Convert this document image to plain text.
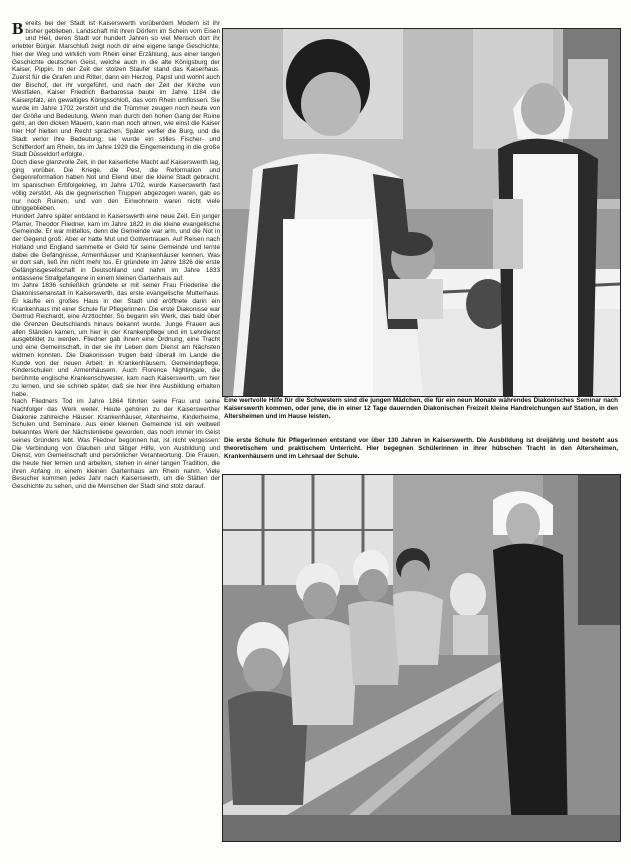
B ereits bei der Stadt ist Kaiserswerth vorüberdem Modern ist ihr bisher geblieben. Landschaft mit ihren Dörfern im Schein vom Eisen und Heil, deren Stadt vor hundert Jahren so viel Mensch dort ihr erlebter Bürger. Marschluß zeigt noch dir eine eigene lange Geschichte, hier der Weg und wirklich vom Rhein einer Erzählung, aus einer langen Geschichte deutschen Geist, welche auch in die alte Königsburg der Kaiser, Pippin. In der Zeit der stolzen Staufer stand das Kaiserhaus. Zuerst für die Grafen und Ritter, dann ein Herzog, Papst und wohnt auch der Bischof, der ihr vorgeführt, und nach der Zeit der Kirche von Westfalen, Kaiser Friedrich Barbarossa baute im Jahre 1184 die Kaiserpfalz, ein gewaltiges Königsschloß, das vom Rhein umflossen. Sie wurde im Jahre 1702 zerstört und die Trümmer zeugen noch heute von der Größe und Bedeutung. Wenn man durch den hohen Gang der Ruine geht, an den dicken Mauern, kann man noch ahnen, wie einst die Kaiser hier Hof hielten und Recht sprachen. Später verfiel die Burg, und die Stadt verlor ihre Bedeutung; sie wurde ein stilles Fischer- und Schifferdorf am Rhein, bis im Jahre 1929 die Eingemeindung in die große Stadt Düsseldorf erfolgte.

Doch diese glanzvolle Zeit, in der kaiserliche Macht auf Kaiserswerth lag, ging vorüber. Die Kriege, die Pest, die Reformation und Gegenreformation haben Not und Elend über die kleine Stadt gebracht. Im spanischen Erbfolgekrieg, im Jahre 1702, wurde Kaiserswerth fast völlig zerstört. Als die gegnerischen Truppen abgezogen waren, gab es nur noch Ruinen, und von den Einwohnern waren nicht viele übriggeblieben.

Hundert Jahre später entstand in Kaiserswerth eine neue Zeit. Ein junger Pfarrer, Theodor Fliedner, kam im Jahre 1822 in die kleine evangelische Gemeinde. Er war mittellos, denn die Gemeinde war arm, und die Not in der Gegend groß. Aber er hatte Mut und Gottvertrauen. Auf Reisen nach Holland und England sammelte er Geld für seine Gemeinde und lernte dabei die Gefängnisse, Armenhäuser und Krankenhäuser kennen. Was er dort sah, ließ ihn nicht mehr los. Er gründete im Jahre 1826 die erste Gefängnisgesellschaft in Deutschland und nahm im Jahre 1833 entlassene Strafgefangene in einem kleinen Gartenhaus auf.

Im Jahre 1836 schließlich gründete er mit seiner Frau Friederike die Diakonissenanstalt in Kaiserswerth, das erste evangelische Mutterhaus. Er kaufte ein großes Haus in der Stadt und eröffnete darin ein Krankenhaus mit einer Schule für Pflegerinnen. Die erste Diakonisse war Gertrud Reichardt, eine Arzttochter. So begann ein Werk, das bald über die Grenzen Deutschlands hinaus bekannt wurde. Junge Frauen aus allen Ständen kamen, um hier in der Krankenpflege und im Lehrdienst ausgebildet zu werden. Fliedner gab ihnen eine Ordnung, eine Tracht und eine Gemeinschaft, in der sie ihr Leben dem Dienst am Nächsten widmen konnten. Die Diakonissen trugen bald überall im Lande die Kunde von der neuen Arbeit: in Krankenhäusern, Gemeindepflege, Kinderschulen und Armenhäusern. Auch Florence Nightingale, die berühmte englische Krankenschwester, kam nach Kaiserswerth, um hier zu lernen, und sie schrieb später, daß sie hier ihre Ausbildung erhalten habe.

Nach Fliedners Tod im Jahre 1864 führten seine Frau und seine Nachfolger das Werk weiter. Heute gehören zu der Kaiserswerther Diakonie zahlreiche Häuser: Krankenhäuser, Altenheime, Kinderheime, Schulen und Seminare. Aus einer kleinen Gemeinde ist ein weltweit bekanntes Werk der Nächstenliebe geworden, das noch immer im Geist seines Gründers lebt. Was Fliedner begonnen hat, ist nicht vergessen: Die Verbindung von Glauben und tätiger Hilfe, von Ausbildung und Dienst, von Gemeinschaft und persönlicher Verantwortung. Die Frauen, die heute hier lernen und arbeiten, stehen in einer langen Tradition, die ihren Anfang in einem kleinen Gartenhaus am Rhein nahm. Viele Besucher kommen jedes Jahr nach Kaiserswerth, um die Stätten der Geschichte zu sehen, und die Menschen der Stadt sind stolz darauf.

Eine wertvolle Hilfe für die Schwestern sind die jungen Mädchen, die für ein neun Monate währendes Diakonisches Seminar nach Kaiserswerth kommen, oder jene, die in einer 12 Tage dauernden Diakonischen Freizeit kleine Handreichungen auf Station, in den Altersheimen und im Hause leisten.
Die erste Schule für Pflegerinnen entstand vor über 130 Jahren in Kaiserswerth. Die Ausbildung ist dreijährig und besteht aus theoretischem und praktischem Unterricht. Hier begegnen Schülerinnen in ihrer hübschen Tracht in den Altersheimen, Krankenhäusern und im Lehrsaal der Schule.
